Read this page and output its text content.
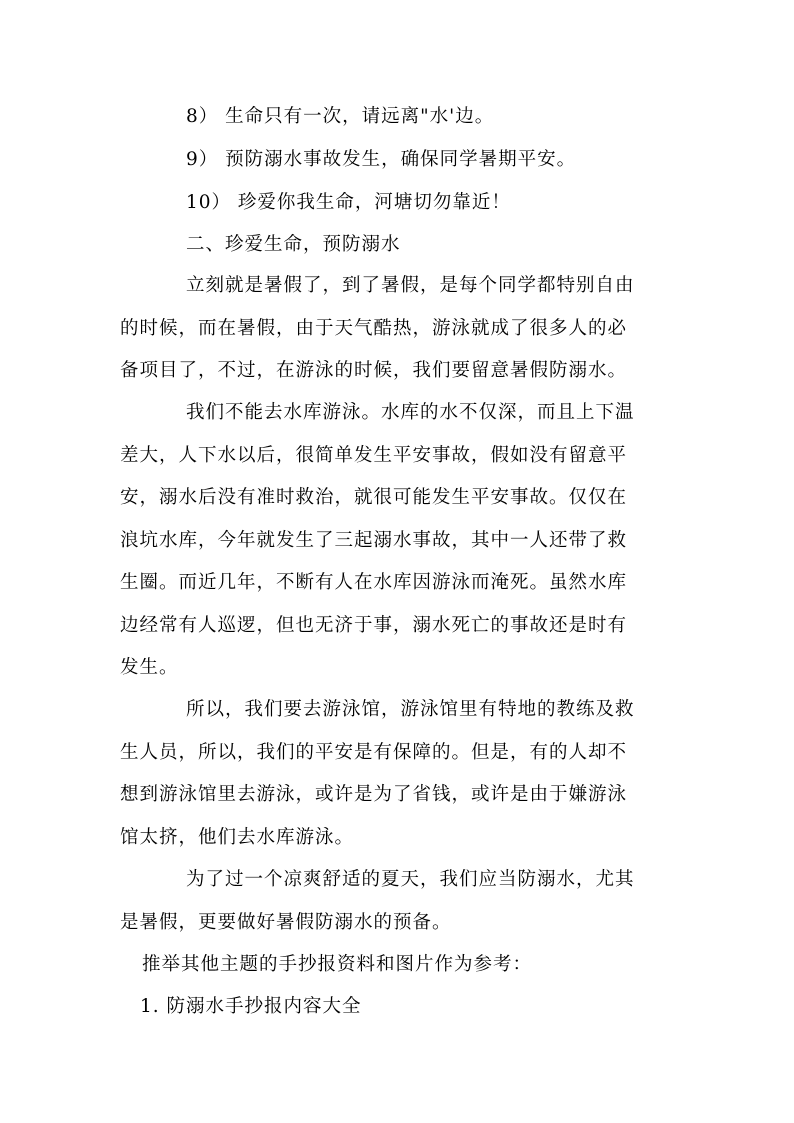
8） 生命只有一次，请远离"水'边。
9） 预防溺水事故发生，确保同学暑期平安。
10） 珍爱你我生命，河塘切勿靠近！
二、珍爱生命，预防溺水
立刻就是暑假了，到了暑假，是每个同学都特别自由
的时候，而在暑假，由于天气酷热，游泳就成了很多人的必
备项目了，不过，在游泳的时候，我们要留意暑假防溺水。
我们不能去水库游泳。水库的水不仅深，而且上下温
差大，人下水以后，很简单发生平安事故，假如没有留意平
安，溺水后没有准时救治，就很可能发生平安事故。仅仅在
浪坑水库，今年就发生了三起溺水事故，其中一人还带了救
生圈。而近几年，不断有人在水库因游泳而淹死。虽然水库
边经常有人巡逻，但也无济于事，溺水死亡的事故还是时有
发生。
所以，我们要去游泳馆，游泳馆里有特地的教练及救
生人员，所以，我们的平安是有保障的。但是，有的人却不
想到游泳馆里去游泳，或许是为了省钱，或许是由于嫌游泳
馆太挤，他们去水库游泳。
为了过一个凉爽舒适的夏天，我们应当防溺水，尤其
是暑假，更要做好暑假防溺水的预备。
推举其他主题的手抄报资料和图片作为参考：
1. 防溺水手抄报内容大全
